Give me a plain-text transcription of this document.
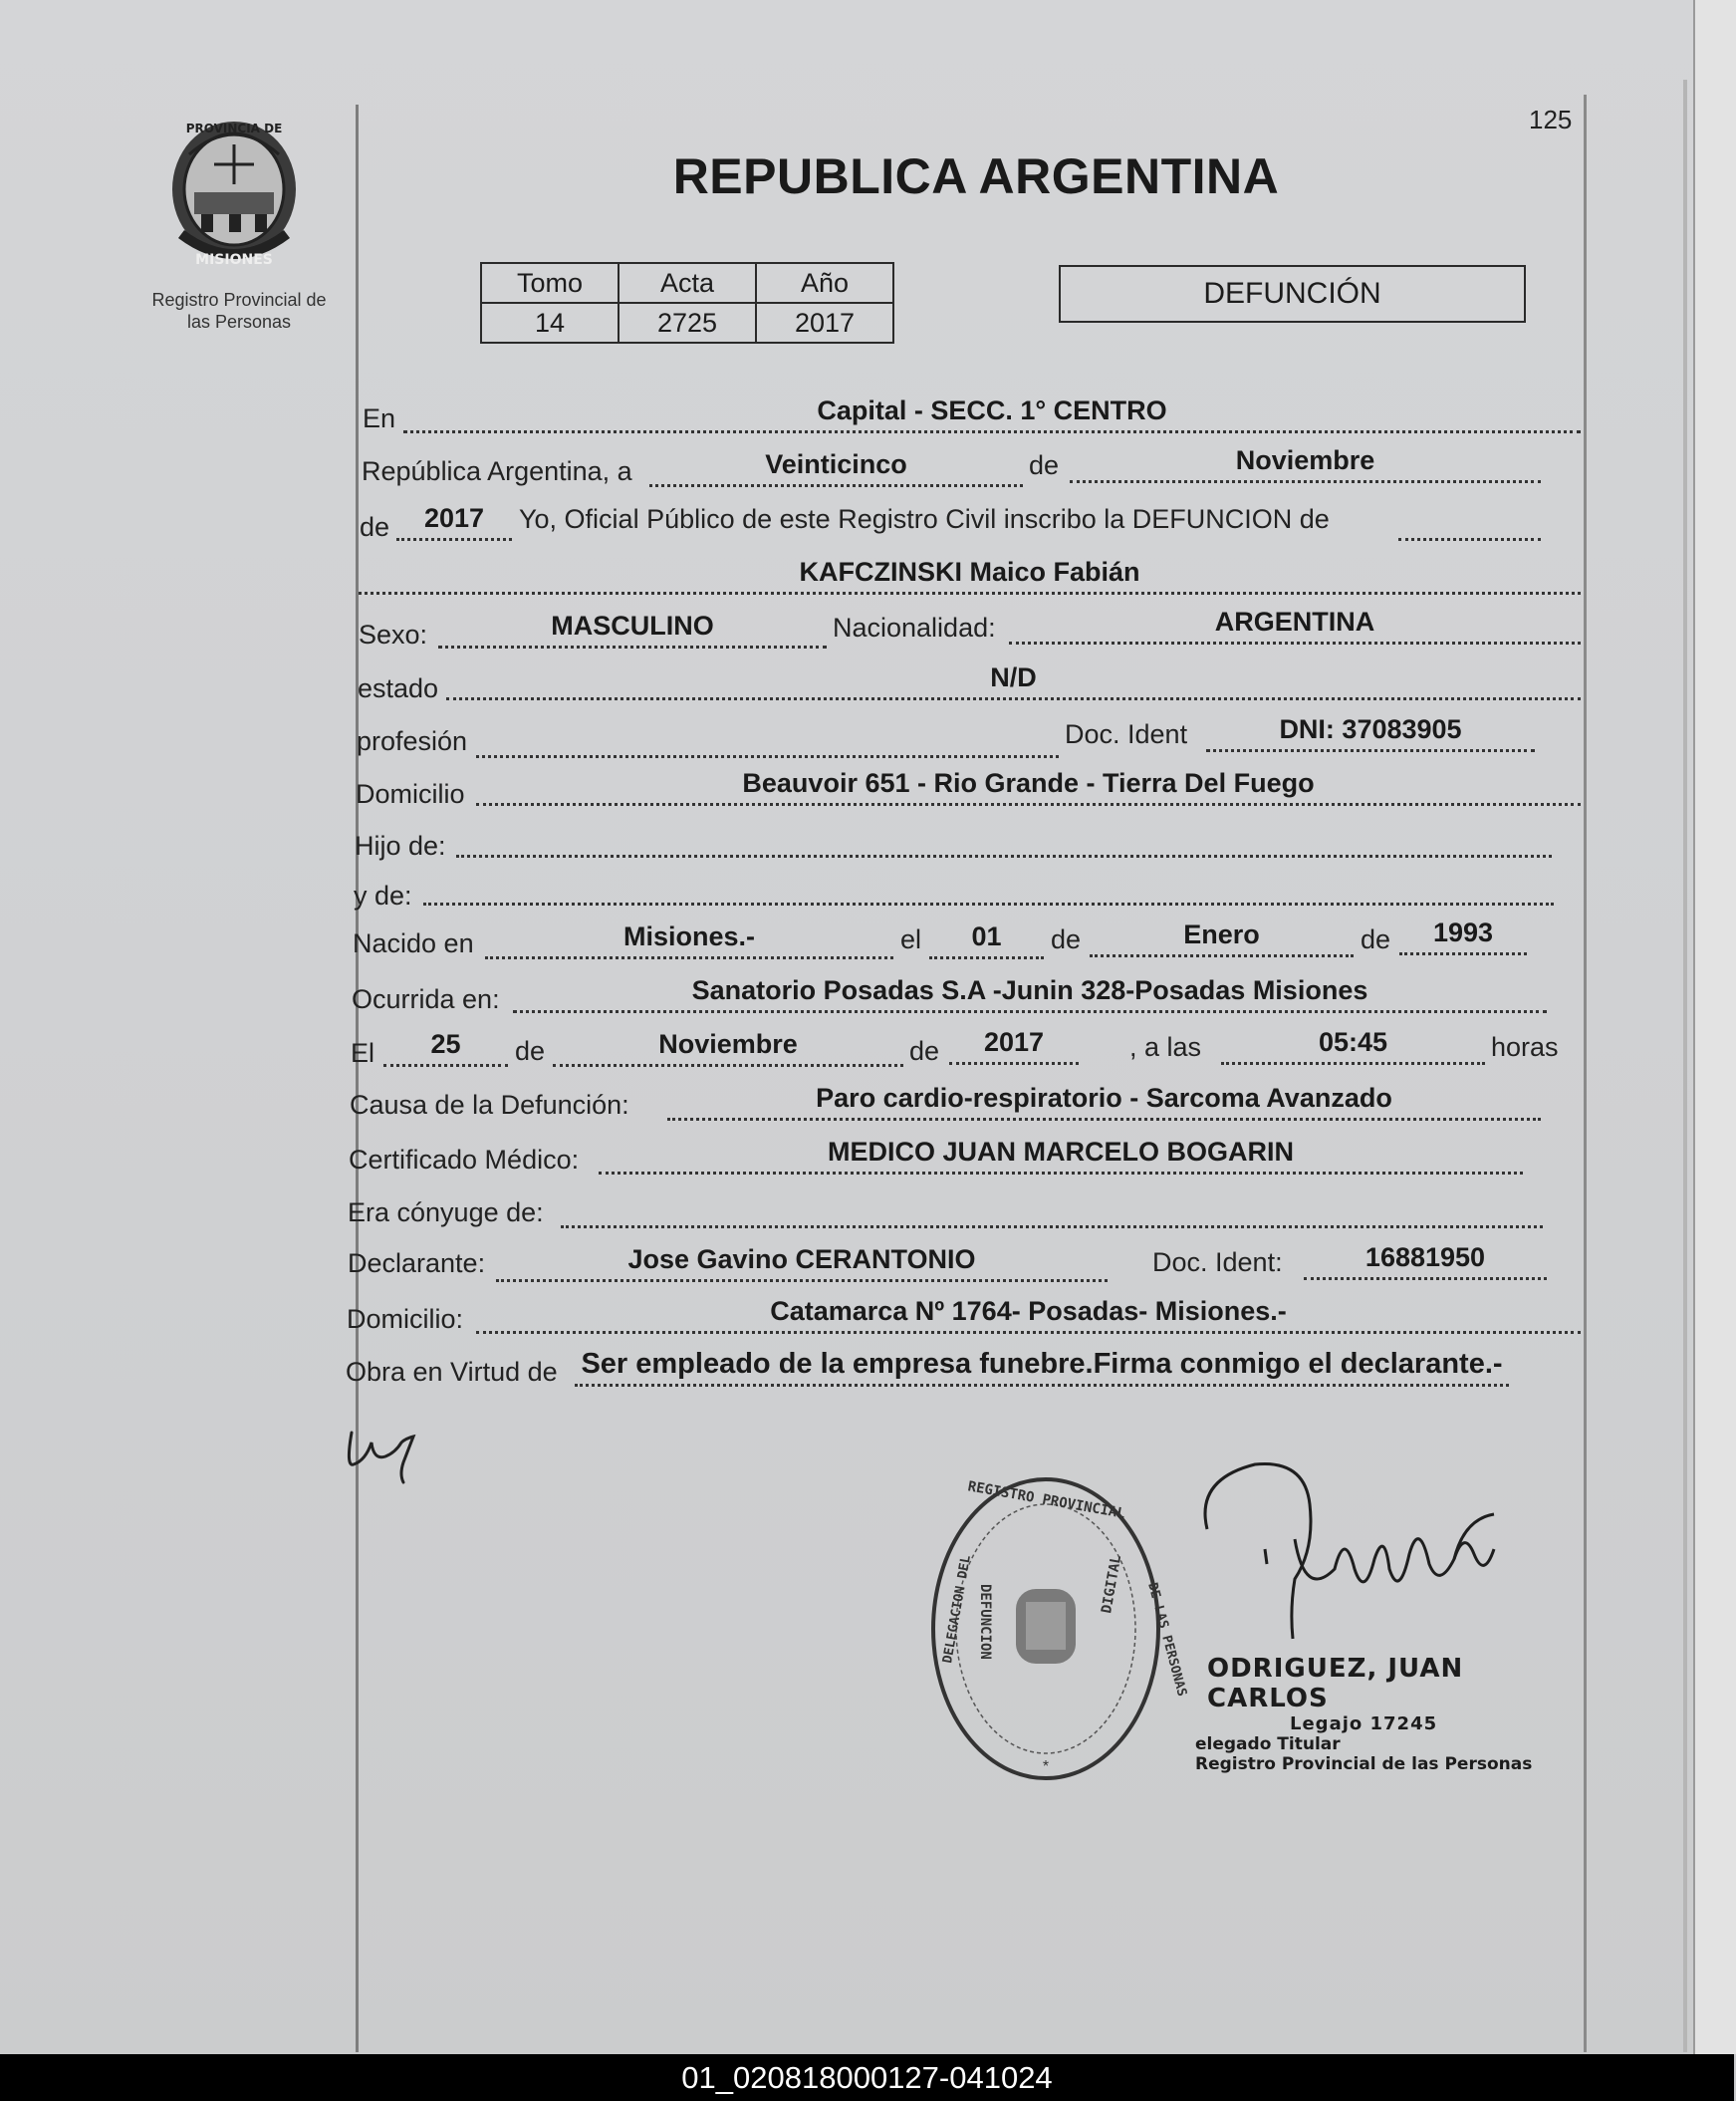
125
PROVINCIA DE
MISIONES
Registro Provincial de
las Personas
REPUBLICA ARGENTINA
Tomo	Acta	Año
14	2725	2017
DEFUNCIÓN
En	Capital - SECC. 1° CENTRO
República Argentina, a	Veinticinco	de	Noviembre
de	2017	Yo, Oficial Público de este Registro Civil inscribo la DEFUNCION de
KAFCZINSKI Maico Fabián
Sexo:	MASCULINO	Nacionalidad:	ARGENTINA
estado	N/D
profesión	Doc. Ident	DNI: 37083905
Domicilio	Beauvoir 651 - Rio Grande - Tierra Del Fuego
Hijo de:
y de:
Nacido en	Misiones.-	el	01	de	Enero	de	1993
Ocurrida en:	Sanatorio Posadas S.A -Junin 328-Posadas Misiones
El	25	de	Noviembre	de	2017	, a las	05:45	horas
Causa de la Defunción:	Paro cardio-respiratorio - Sarcoma Avanzado
Certificado Médico:	MEDICO JUAN MARCELO BOGARIN
Era cónyuge de:
Declarante:	Jose Gavino CERANTONIO	Doc. Ident:	16881950
Domicilio:	Catamarca Nº 1764- Posadas- Misiones.-
Obra en Virtud de Ser empleado de la empresa funebre.Firma conmigo el declarante.-
REGISTRO PROVINCIAL
DELEGACION DEL	DE LAS PERSONAS
DEFUNCION	DIGITAL
*
ODRIGUEZ, JUAN CARLOS
Legajo 17245
elegado Titular
Registro Provincial de las Personas
01_020818000127-041024
